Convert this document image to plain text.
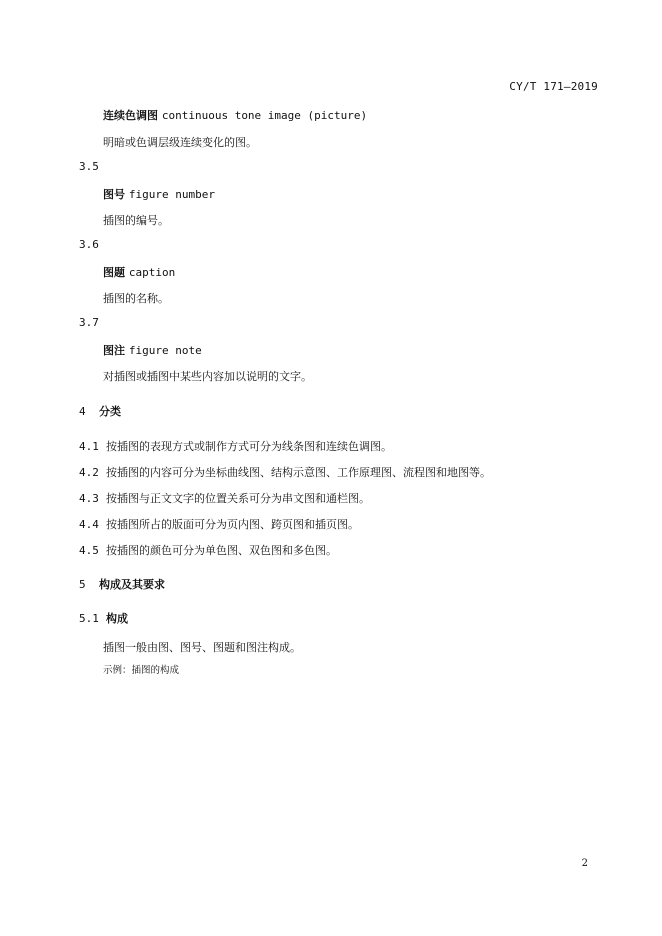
CY/T 171—2019
连续色调图 continuous tone image (picture)
明暗或色调层级连续变化的图。
3.5
图号 figure number
插图的编号。
3.6
图题 caption
插图的名称。
3.7
图注 figure note
对插图或插图中某些内容加以说明的文字。
4 分类
4.1 按插图的表现方式或制作方式可分为线条图和连续色调图。
4.2 按插图的内容可分为坐标曲线图、结构示意图、工作原理图、流程图和地图等。
4.3 按插图与正文文字的位置关系可分为串文图和通栏图。
4.4 按插图所占的版面可分为页内图、跨页图和插页图。
4.5 按插图的颜色可分为单色图、双色图和多色图。
5 构成及其要求
5.1 构成
插图一般由图、图号、图题和图注构成。
示例：插图的构成
2
